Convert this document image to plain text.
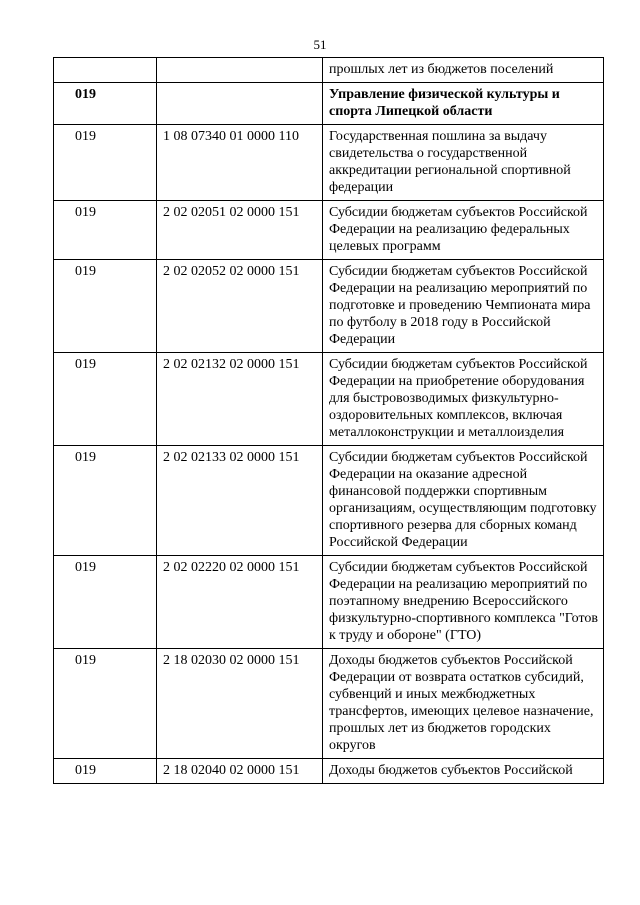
51
		прошлых лет из бюджетов поселений
019		Управление физической культуры и спорта Липецкой области
019	1 08 07340 01 0000 110	Государственная пошлина за выдачу свидетельства о государственной аккредитации региональной спортивной федерации
019	2 02 02051 02 0000 151	Субсидии бюджетам субъектов Российской Федерации на реализацию федеральных целевых программ
019	2 02 02052 02 0000 151	Субсидии бюджетам субъектов Российской Федерации на реализацию мероприятий по подготовке и проведению Чемпионата мира по футболу в 2018 году в Российской Федерации
019	2 02 02132 02 0000 151	Субсидии бюджетам субъектов Российской Федерации на приобретение оборудования для быстровозводимых физкультурно-оздоровительных комплексов, включая металлоконструкции и металлоизделия
019	2 02 02133 02 0000 151	Субсидии бюджетам субъектов Российской Федерации на оказание адресной финансовой поддержки спортивным организациям, осуществляющим подготовку спортивного резерва для сборных команд Российской Федерации
019	2 02 02220 02 0000 151	Субсидии бюджетам субъектов Российской Федерации на реализацию мероприятий по поэтапному внедрению Всероссийского физкультурно-спортивного комплекса "Готов к труду и обороне" (ГТО)
019	2 18 02030 02 0000 151	Доходы бюджетов субъектов Российской Федерации от возврата остатков субсидий, субвенций и иных межбюджетных трансфертов, имеющих целевое назначение, прошлых лет из бюджетов городских округов
019	2 18 02040 02 0000 151	Доходы бюджетов субъектов Российской
